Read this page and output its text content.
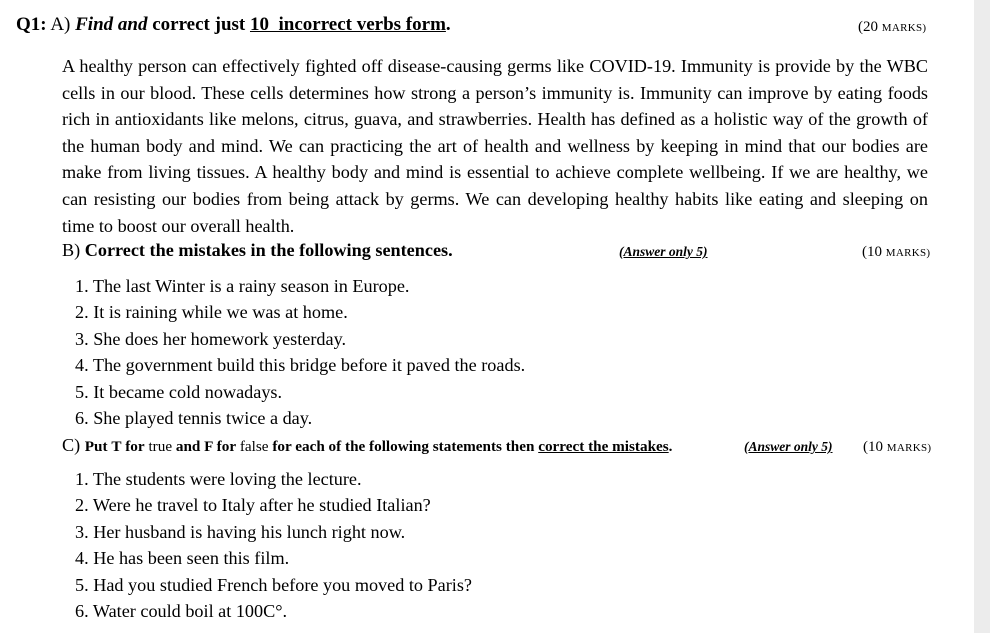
Q1: A) Find and correct just 10  incorrect verbs form.	(20 MARKS)
A healthy person can effectively fighted off disease-causing germs like COVID-19. Immunity is provide by the WBC cells in our blood. These cells determines how strong a person’s immunity is. Immunity can improve by eating foods rich in antioxidants like melons, citrus, guava, and strawberries. Health has defined as a holistic way of the growth of the human body and mind. We can practicing the art of health and wellness by keeping in mind that our bodies are make from living tissues. A healthy body and mind is essential to achieve complete wellbeing. If we are healthy, we can resisting our bodies from being attack by germs. We can developing healthy habits like eating and sleeping on time to boost our overall health.
B) Correct the mistakes in the following sentences.	(Answer only 5)	(10 MARKS)
1. The last Winter is a rainy season in Europe.
2. It is raining while we was at home.
3. She does her homework yesterday.
4. The government build this bridge before it paved the roads.
5. It became cold nowadays.
6. She played tennis twice a day.
C) Put T for true and F for false for each of the following statements then correct the mistakes.	(Answer only 5) (10 MARKS)
1. The students were loving the lecture.
2. Were he travel to Italy after he studied Italian?
3. Her husband is having his lunch right now.
4. He has been seen this film.
5. Had you studied French before you moved to Paris?
6. Water could boil at 100C°.
